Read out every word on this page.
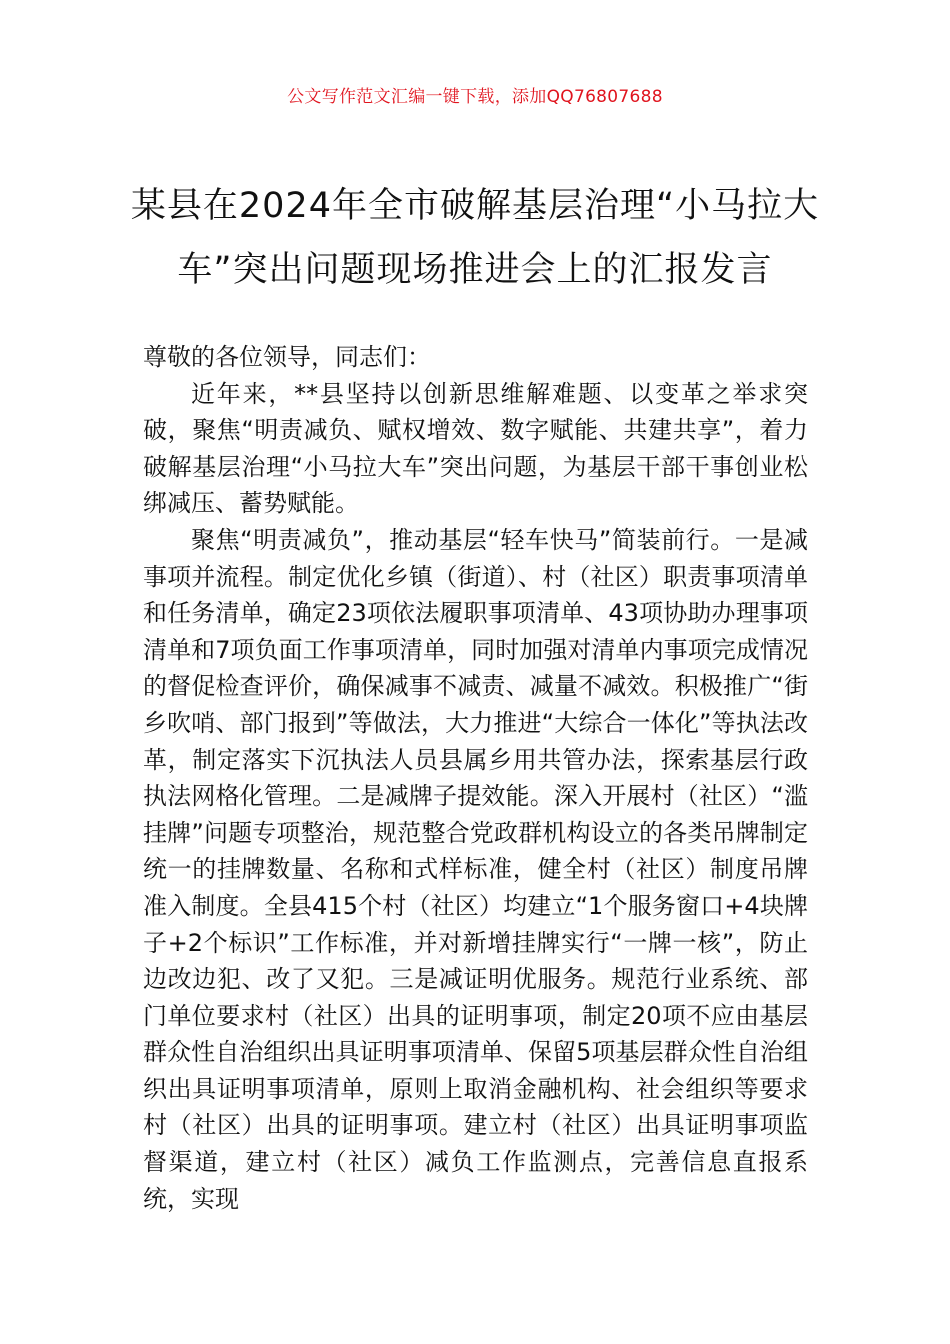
公文写作范文汇编一键下载，添加QQ76807688
某县在2024年全市破解基层治理“小马拉大车”突出问题现场推进会上的汇报发言

尊敬的各位领导，同志们：

近年来，**县坚持以创新思维解难题、以变革之举求突破，聚焦“明责减负、赋权增效、数字赋能、共建共享”，着力破解基层治理“小马拉大车”突出问题，为基层干部干事创业松绑减压、蓄势赋能。

聚焦“明责减负”，推动基层“轻车快马”简装前行。一是减事项并流程。制定优化乡镇（街道）、村（社区）职责事项清单和任务清单，确定23项依法履职事项清单、43项协助办理事项清单和7项负面工作事项清单，同时加强对清单内事项完成情况的督促检查评价，确保减事不减责、减量不减效。积极推广“街乡吹哨、部门报到”等做法，大力推进“大综合一体化”等执法改革，制定落实下沉执法人员县属乡用共管办法，探索基层行政执法网格化管理。二是减牌子提效能。深入开展村（社区）“滥挂牌”问题专项整治，规范整合党政群机构设立的各类吊牌制定统一的挂牌数量、名称和式样标准，健全村（社区）制度吊牌准入制度。全县415个村（社区）均建立“1个服务窗口+4块牌子+2个标识”工作标准，并对新增挂牌实行“一牌一核”，防止边改边犯、改了又犯。三是减证明优服务。规范行业系统、部门单位要求村（社区）出具的证明事项，制定20项不应由基层群众性自治组织出具证明事项清单、保留5项基层群众性自治组织出具证明事项清单，原则上取消金融机构、社会组织等要求村（社区）出具的证明事项。建立村（社区）出具证明事项监督渠道，建立村（社区）减负工作监测点，完善信息直报系统，实现
